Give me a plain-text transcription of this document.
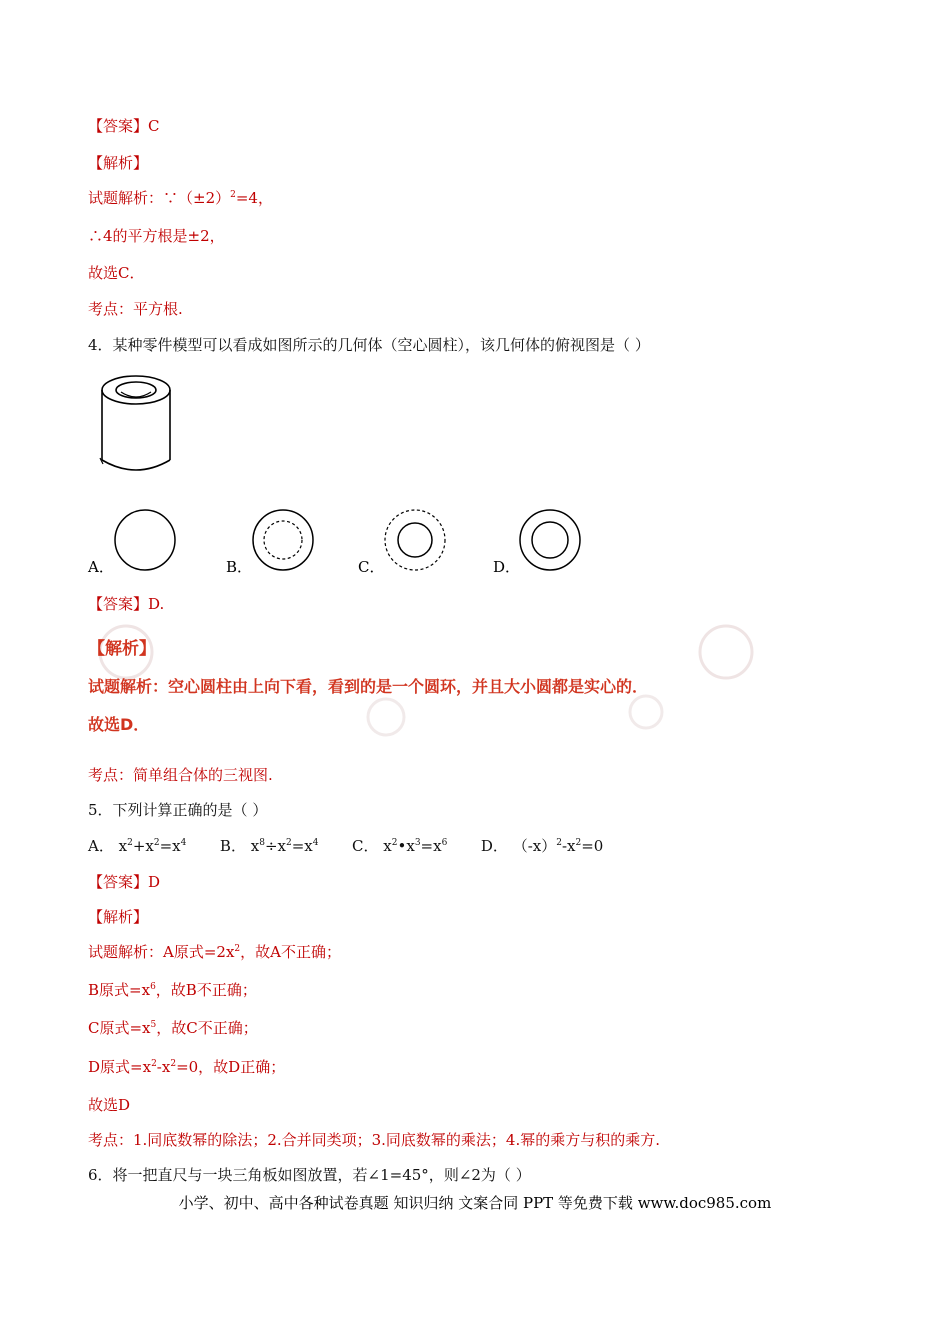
【答案】C
【解析】
试题解析：$\because(\pm 2)^2=4$，
∴4的平方根是±2，
故选C．
考点：平方根.
4．某种零件模型可以看成如图所示的几何体（空心圆柱），该几何体的俯视图是（ ）
A．	B．	C．	D．
【答案】D.
【解析】
试题解析：空心圆柱由上向下看，看到的是一个圆环，并且大小圆都是实心的．
故选D．
考点：简单组合体的三视图.
5．下列计算正确的是（ ）
A． $x^2+x^2=x^4$ B． $x^8\div x^2=x^4$ C． $x^2•x^3=x^6$ D． $(-x)^2-x^2=0$
【答案】D
【解析】
试题解析：A原式$=2x^2$，故A不正确；
B原式$=x^6$，故B不正确；
C原式$=x^5$，故C不正确；
D原式$=x^2-x^2=0$，故D正确；
故选D
考点：1.同底数幂的除法；2.合并同类项；3.同底数幂的乘法；4.幂的乘方与积的乘方.
6．将一把直尺与一块三角板如图放置，若∠1=45°，则∠2为（ ）
小学、初中、高中各种试卷真题 知识归纳 文案合同 PPT 等免费下载 www.doc985.com
